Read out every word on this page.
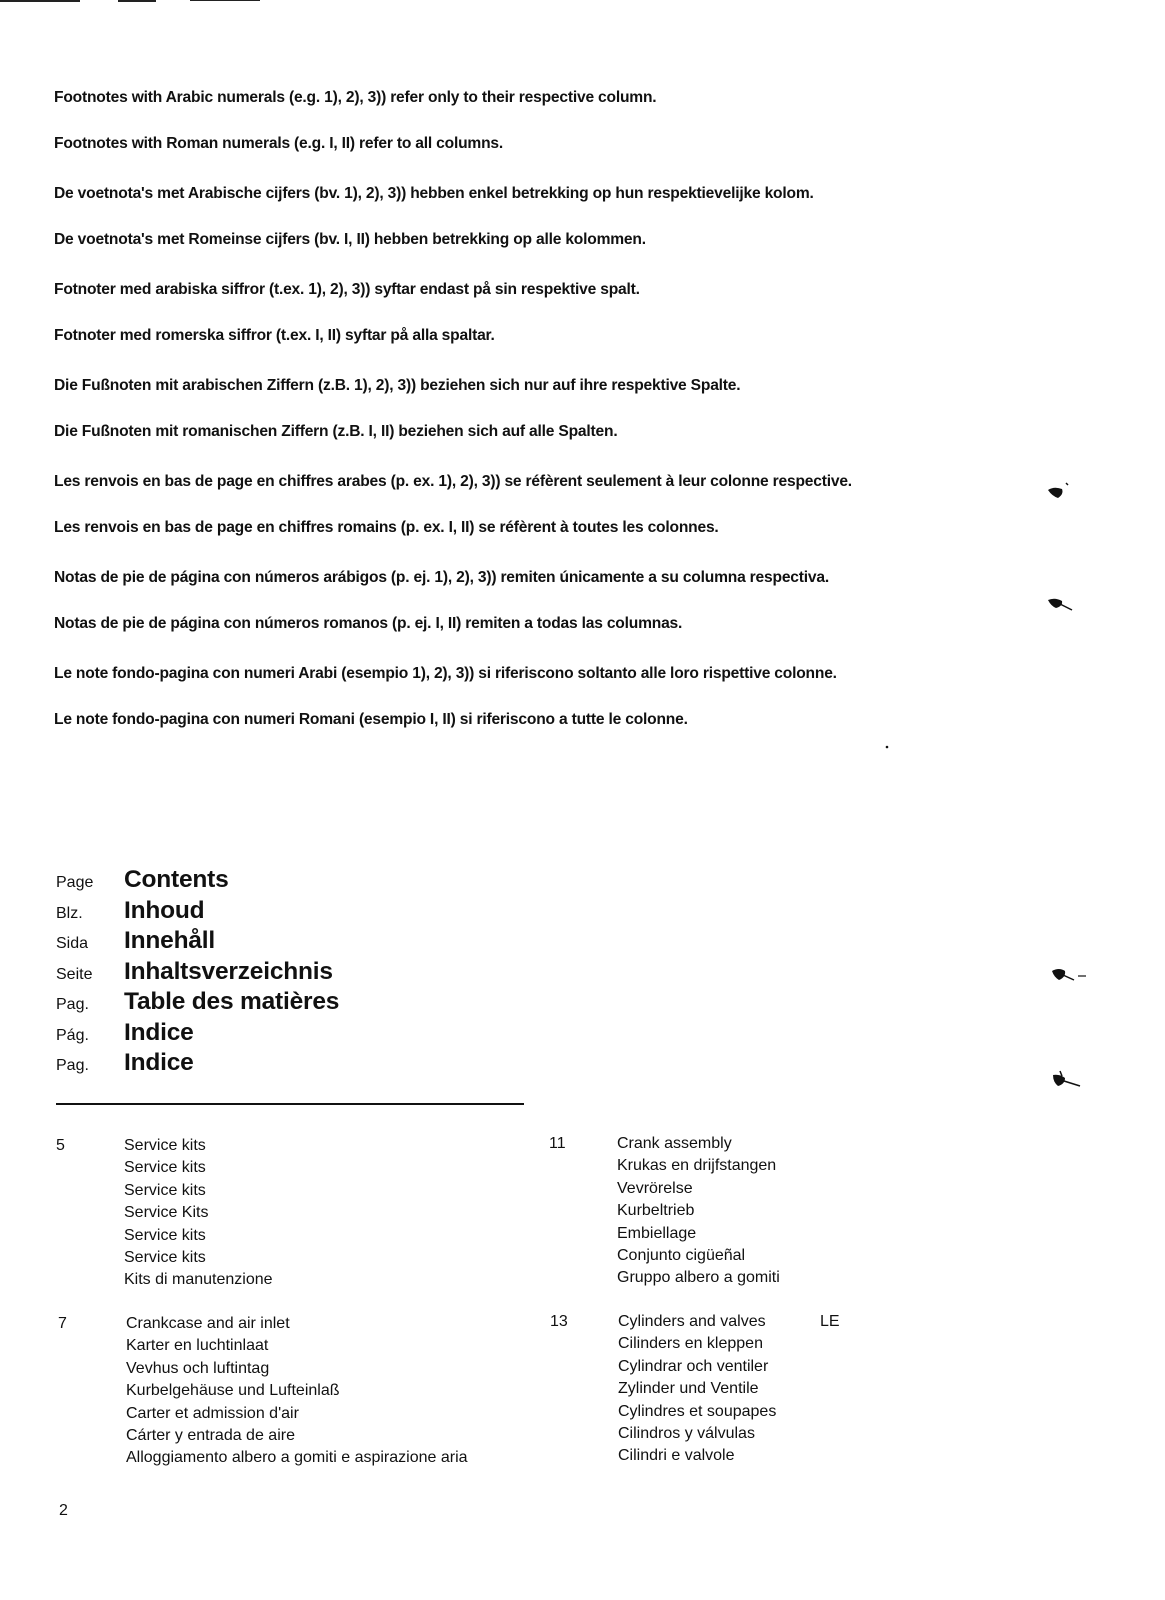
Footnotes with Arabic numerals (e.g. 1), 2), 3)) refer only to their respective column.

Footnotes with Roman numerals (e.g. I, II) refer to all columns.

De voetnota's met Arabische cijfers (bv. 1), 2), 3)) hebben enkel betrekking op hun respektievelijke kolom.

De voetnota's met Romeinse cijfers (bv. I, II) hebben betrekking op alle kolommen.

Fotnoter med arabiska siffror (t.ex. 1), 2), 3)) syftar endast på sin respektive spalt.

Fotnoter med romerska siffror (t.ex. I, II) syftar på alla spaltar.

Die Fußnoten mit arabischen Ziffern (z.B. 1), 2), 3)) beziehen sich nur auf ihre respektive Spalte.

Die Fußnoten mit romanischen Ziffern (z.B. I, II) beziehen sich auf alle Spalten.

Les renvois en bas de page en chiffres arabes (p. ex. 1), 2), 3)) se réfèrent seulement à leur colonne respective.

Les renvois en bas de page en chiffres romains (p. ex. I, II) se réfèrent à toutes les colonnes.

Notas de pie de página con números arábigos (p. ej. 1), 2), 3)) remiten únicamente a su columna respectiva.

Notas de pie de página con números romanos (p. ej. I, II) remiten a todas las columnas.

Le note fondo-pagina con numeri Arabi (esempio 1), 2), 3)) si riferiscono soltanto alle loro rispettive colonne.

Le note fondo-pagina con numeri Romani (esempio I, II) si riferiscono a tutte le colonne.

Page	Contents
Blz.	Inhoud
Sida	Innehåll
Seite	Inhaltsverzeichnis
Pag.	Table des matières
Pág.	Indice
Pag.	Indice
5	Service kits
Service kits
Service kits
Service Kits
Service kits
Service kits
Kits di manutenzione
11	Crank assembly
Krukas en drijfstangen
Vevrörelse
Kurbeltrieb
Embiellage
Conjunto cigüeñal
Gruppo albero a gomiti
7	Crankcase and air inlet
Karter en luchtinlaat
Vevhus och luftintag
Kurbelgehäuse und Lufteinlaß
Carter et admission d'air
Cárter y entrada de aire
Alloggiamento albero a gomiti e aspirazione aria
13	Cylinders and valves
Cilinders en kleppen
Cylindrar och ventiler
Zylinder und Ventile
Cylindres et soupapes
Cilindros y válvulas
Cilindri e valvole
LE
2
